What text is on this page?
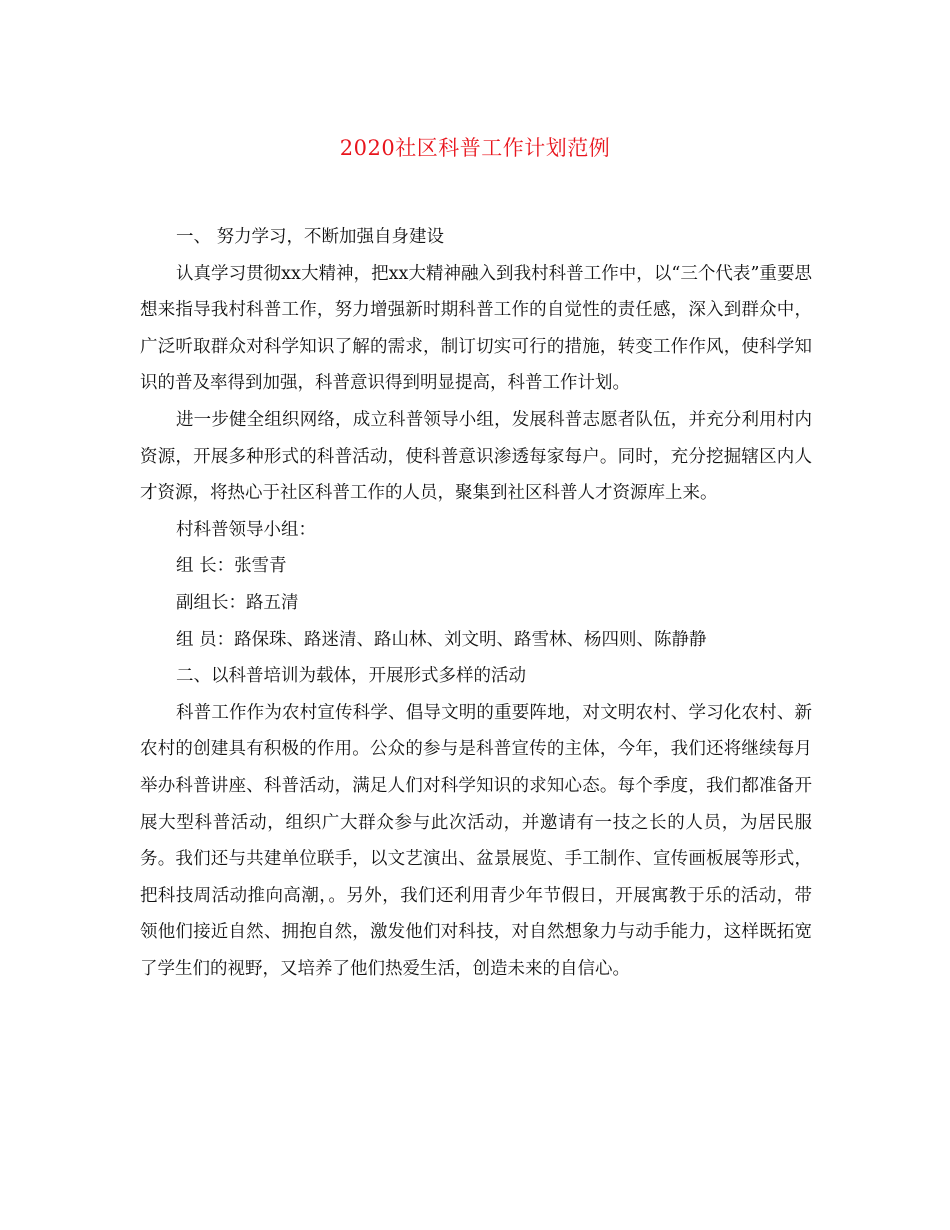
2020社区科普工作计划范例

一、 努力学习，不断加强自身建设

认真学习贯彻xx大精神，把xx大精神融入到我村科普工作中，以“三个代表”重要思想来指导我村科普工作，努力增强新时期科普工作的自觉性的责任感，深入到群众中，广泛听取群众对科学知识了解的需求，制订切实可行的措施，转变工作作风，使科学知识的普及率得到加强，科普意识得到明显提高，科普工作计划。

进一步健全组织网络，成立科普领导小组，发展科普志愿者队伍，并充分利用村内资源，开展多种形式的科普活动，使科普意识渗透每家每户。同时，充分挖掘辖区内人才资源，将热心于社区科普工作的人员，聚集到社区科普人才资源库上来。

村科普领导小组：

组 长：张雪青

副组长：路五清

组 员：路保珠、路迷清、路山林、刘文明、路雪林、杨四则、陈静静

二、以科普培训为载体，开展形式多样的活动

科普工作作为农村宣传科学、倡导文明的重要阵地，对文明农村、学习化农村、新农村的创建具有积极的作用。公众的参与是科普宣传的主体，今年，我们还将继续每月举办科普讲座、科普活动，满足人们对科学知识的求知心态。每个季度，我们都准备开展大型科普活动，组织广大群众参与此次活动，并邀请有一技之长的人员，为居民服务。我们还与共建单位联手，以文艺演出、盆景展览、手工制作、宣传画板展等形式，把科技周活动推向高潮，。另外，我们还利用青少年节假日，开展寓教于乐的活动，带领他们接近自然、拥抱自然，激发他们对科技，对自然想象力与动手能力，这样既拓宽了学生们的视野，又培养了他们热爱生活，创造未来的自信心。
